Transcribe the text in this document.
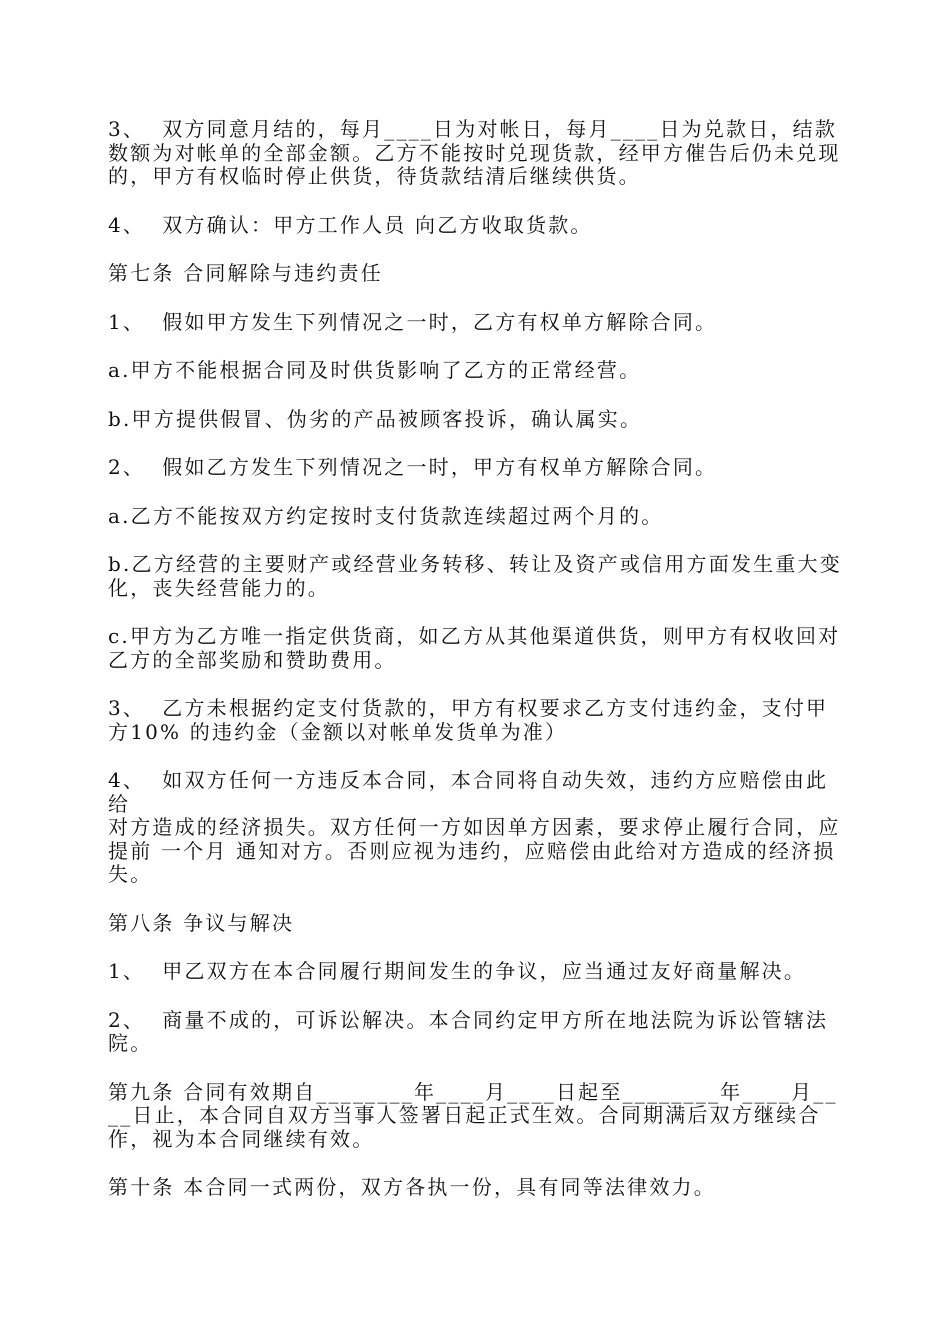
3、  双方同意月结的，每月____日为对帐日，每月____日为兑款日，结款数额为对帐单的全部金额。乙方不能按时兑现货款，经甲方催告后仍未兑现的，甲方有权临时停止供货，待货款结清后继续供货。

4、  双方确认：甲方工作人员 向乙方收取货款。

第七条 合同解除与违约责任

1、  假如甲方发生下列情况之一时，乙方有权单方解除合同。

a.甲方不能根据合同及时供货影响了乙方的正常经营。

b.甲方提供假冒、伪劣的产品被顾客投诉，确认属实。

2、  假如乙方发生下列情况之一时，甲方有权单方解除合同。

a.乙方不能按双方约定按时支付货款连续超过两个月的。

b.乙方经营的主要财产或经营业务转移、转让及资产或信用方面发生重大变化，丧失经营能力的。

c.甲方为乙方唯一指定供货商，如乙方从其他渠道供货，则甲方有权收回对乙方的全部奖励和赞助费用。

3、  乙方未根据约定支付货款的，甲方有权要求乙方支付违约金，支付甲方10% 的违约金（金额以对帐单发货单为准）

4、  如双方任何一方违反本合同，本合同将自动失效，违约方应赔偿由此给
对方造成的经济损失。双方任何一方如因单方因素，要求停止履行合同，应提前 一个月 通知对方。否则应视为违约，应赔偿由此给对方造成的经济损失。

第八条 争议与解决

1、  甲乙双方在本合同履行期间发生的争议，应当通过友好商量解决。

2、  商量不成的，可诉讼解决。本合同约定甲方所在地法院为诉讼管辖法院。

第九条 合同有效期自________年____月____日起至________年____月____日止，本合同自双方当事人签署日起正式生效。合同期满后双方继续合作，视为本合同继续有效。

第十条 本合同一式两份，双方各执一份，具有同等法律效力。
